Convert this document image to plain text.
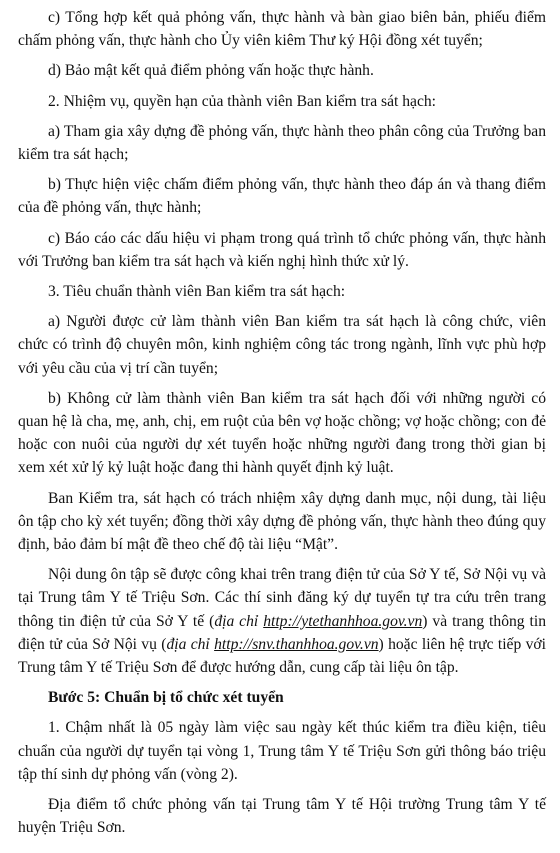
c) Tổng hợp kết quả phỏng vấn, thực hành và bàn giao biên bản, phiếu điểm chấm phỏng vấn, thực hành cho Ủy viên kiêm Thư ký Hội đồng xét tuyển;

d) Bảo mật kết quả điểm phỏng vấn hoặc thực hành.

2. Nhiệm vụ, quyền hạn của thành viên Ban kiểm tra sát hạch:

a) Tham gia xây dựng đề phỏng vấn, thực hành theo phân công của Trưởng ban kiểm tra sát hạch;

b) Thực hiện việc chấm điểm phỏng vấn, thực hành theo đáp án và thang điểm của đề phỏng vấn, thực hành;

c) Báo cáo các dấu hiệu vi phạm trong quá trình tổ chức phỏng vấn, thực hành với Trưởng ban kiểm tra sát hạch và kiến nghị hình thức xử lý.

3. Tiêu chuẩn thành viên Ban kiểm tra sát hạch:

a) Người được cử làm thành viên Ban kiểm tra sát hạch là công chức, viên chức có trình độ chuyên môn, kinh nghiệm công tác trong ngành, lĩnh vực phù hợp với yêu cầu của vị trí cần tuyển;

b) Không cử làm thành viên Ban kiểm tra sát hạch đối với những người có quan hệ là cha, mẹ, anh, chị, em ruột của bên vợ hoặc chồng; vợ hoặc chồng; con đẻ hoặc con nuôi của người dự xét tuyển hoặc những người đang trong thời gian bị xem xét xử lý kỷ luật hoặc đang thi hành quyết định kỷ luật.

Ban Kiểm tra, sát hạch có trách nhiệm xây dựng danh mục, nội dung, tài liệu ôn tập cho kỳ xét tuyển; đồng thời xây dựng đề phỏng vấn, thực hành theo đúng quy định, bảo đảm bí mật đề theo chế độ tài liệu “Mật”.

Nội dung ôn tập sẽ được công khai trên trang điện tử của Sở Y tế, Sở Nội vụ và tại Trung tâm Y tế Triệu Sơn. Các thí sinh đăng ký dự tuyển tự tra cứu trên trang thông tin điện tử của Sở Y tế (địa chỉ http://ytethanhhoa.gov.vn) và trang thông tin điện tử của Sở Nội vụ (địa chỉ http://snv.thanhhoa.gov.vn) hoặc liên hệ trực tiếp với Trung tâm Y tế Triệu Sơn để được hướng dẫn, cung cấp tài liệu ôn tập.

Bước 5: Chuẩn bị tổ chức xét tuyển

1. Chậm nhất là 05 ngày làm việc sau ngày kết thúc kiểm tra điều kiện, tiêu chuẩn của người dự tuyển tại vòng 1, Trung tâm Y tế Triệu Sơn gửi thông báo triệu tập thí sinh dự phỏng vấn (vòng 2).

Địa điểm tổ chức phỏng vấn tại Trung tâm Y tế Hội trường Trung tâm Y tế huyện Triệu Sơn.
